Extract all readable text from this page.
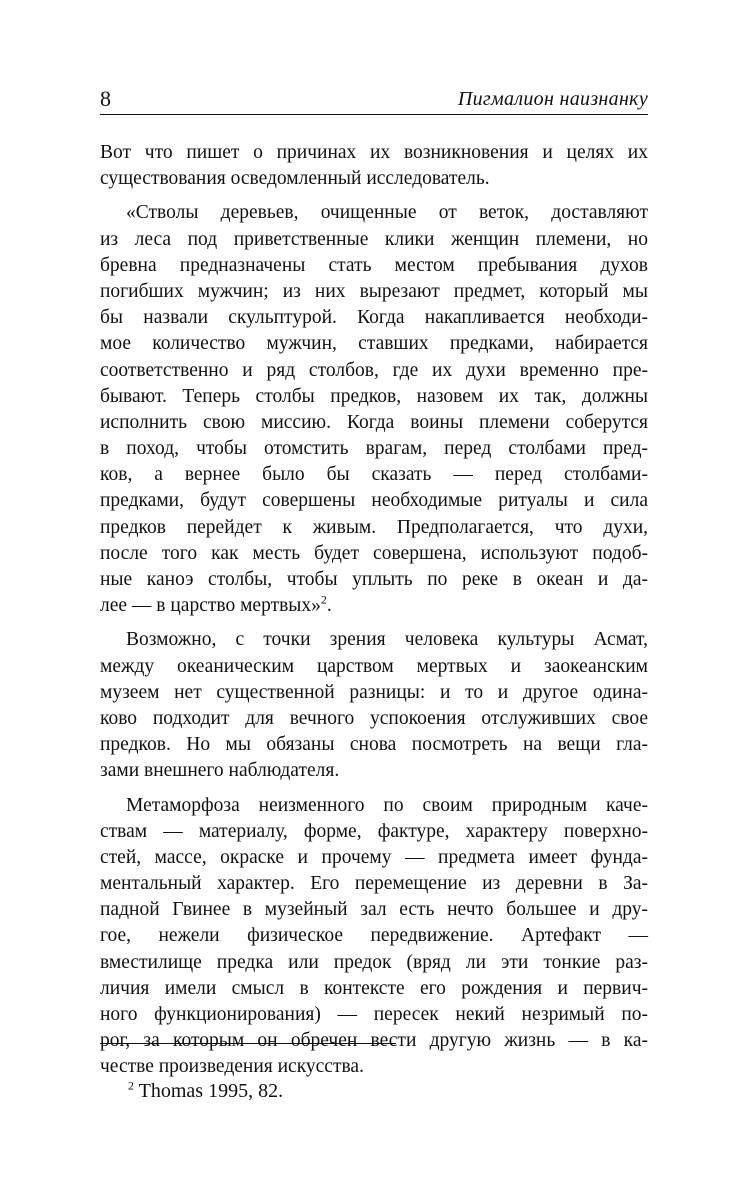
8	Пигмалион наизнанку
Вот что пишет о причинах их возникновения и целях их
существования осведомленный исследователь.
«Стволы деревьев, очищенные от веток, доставляют
из леса под приветственные клики женщин племени, но
бревна предназначены стать местом пребывания духов
погибших мужчин; из них вырезают предмет, который мы
бы назвали скульптурой. Когда накапливается необходи-
мое количество мужчин, ставших предками, набирается
соответственно и ряд столбов, где их духи временно пре-
бывают. Теперь столбы предков, назовем их так, должны
исполнить свою миссию. Когда воины племени соберутся
в поход, чтобы отомстить врагам, перед столбами пред-
ков, а вернее было бы сказать — перед столбами-
предками, будут совершены необходимые ритуалы и сила
предков перейдет к живым. Предполагается, что духи,
после того как месть будет совершена, используют подоб-
ные каноэ столбы, чтобы уплыть по реке в океан и да-
лее — в царство мертвых»$^2$.
Возможно, с точки зрения человека культуры Асмат,
между океаническим царством мертвых и заокеанским
музеем нет существенной разницы: и то и другое одина-
ково подходит для вечного успокоения отслуживших свое
предков. Но мы обязаны снова посмотреть на вещи гла-
зами внешнего наблюдателя.
Метаморфоза неизменного по своим природным каче-
ствам — материалу, форме, фактуре, характеру поверхно-
стей, массе, окраске и прочему — предмета имеет фунда-
ментальный характер. Его перемещение из деревни в За-
падной Гвинее в музейный зал есть нечто большее и дру-
гое, нежели физическое передвижение. Артефакт —
вместилище предка или предок (вряд ли эти тонкие раз-
личия имели смысл в контексте его рождения и первич-
ного функционирования) — пересек некий незримый по-
рог, за которым он обречен вести другую жизнь — в ка-
честве произведения искусства.
$^2$ Thomas 1995, 82.
